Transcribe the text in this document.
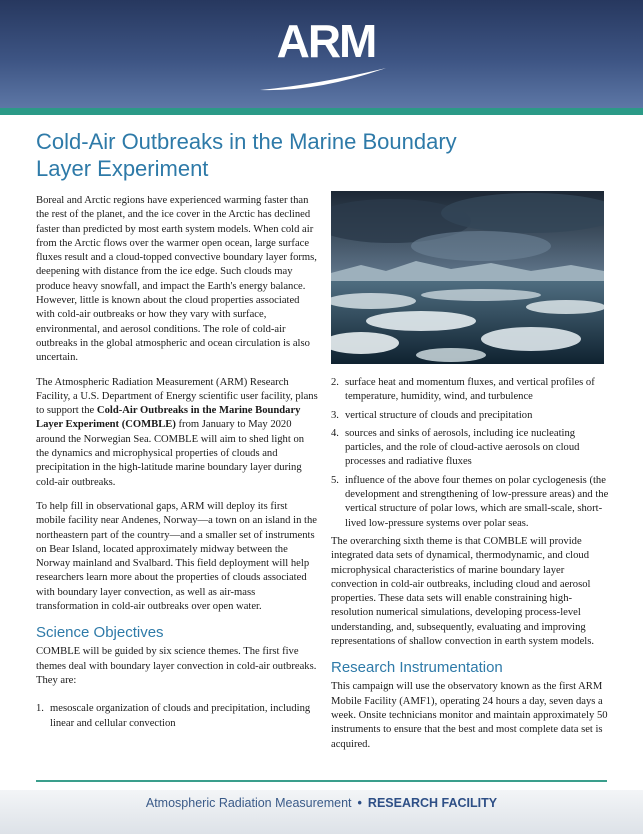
ARM
Cold-Air Outbreaks in the Marine Boundary Layer Experiment

Boreal and Arctic regions have experienced warming faster than the rest of the planet, and the ice cover in the Arctic has declined faster than predicted by most earth system models. When cold air from the Arctic flows over the warmer open ocean, large surface fluxes result and a cloud-topped convective boundary layer forms, deepening with distance from the ice edge. Such clouds may produce heavy snowfall, and impact the Earth's energy balance. However, little is known about the cloud properties associated with cold-air outbreaks or how they vary with surface, environmental, and aerosol conditions. The role of cold-air outbreaks in the global atmospheric and ocean circulation is also uncertain.

The Atmospheric Radiation Measurement (ARM) Research Facility, a U.S. Department of Energy scientific user facility, plans to support the Cold-Air Outbreaks in the Marine Boundary Layer Experiment (COMBLE) from January to May 2020 around the Norwegian Sea. COMBLE will aim to shed light on the dynamics and microphysical properties of clouds and precipitation in the high-latitude marine boundary layer during cold-air outbreaks.

To help fill in observational gaps, ARM will deploy its first mobile facility near Andenes, Norway—a town on an island in the northeastern part of the country—and a smaller set of instruments on Bear Island, located approximately midway between the Norway mainland and Svalbard. This field deployment will help researchers learn more about the properties of clouds associated with boundary layer convection, as well as air-mass transformation in cold-air outbreaks over open water.

Science Objectives

COMBLE will be guided by six science themes. The first five themes deal with boundary layer convection in cold-air outbreaks. They are:

1. mesoscale organization of clouds and precipitation, including linear and cellular convection
2. surface heat and momentum fluxes, and vertical profiles of temperature, humidity, wind, and turbulence
3. vertical structure of clouds and precipitation
4. sources and sinks of aerosols, including ice nucleating particles, and the role of cloud-active aerosols on cloud processes and radiative fluxes
5. influence of the above four themes on polar cyclogenesis (the development and strengthening of low-pressure areas) and the vertical structure of polar lows, which are small-scale, short-lived low-pressure systems over polar seas.

The overarching sixth theme is that COMBLE will provide integrated data sets of dynamical, thermodynamic, and cloud microphysical characteristics of marine boundary layer convection in cold-air outbreaks, including cloud and aerosol properties. These data sets will enable constraining high-resolution numerical simulations, developing process-level understanding, and, subsequently, evaluating and improving representations of shallow convection in earth system models.

Research Instrumentation

This campaign will use the observatory known as the first ARM Mobile Facility (AMF1), operating 24 hours a day, seven days a week. Onsite technicians monitor and maintain approximately 50 instruments to ensure that the best and most complete data set is acquired.

Atmospheric Radiation Measurement • RESEARCH FACILITY
